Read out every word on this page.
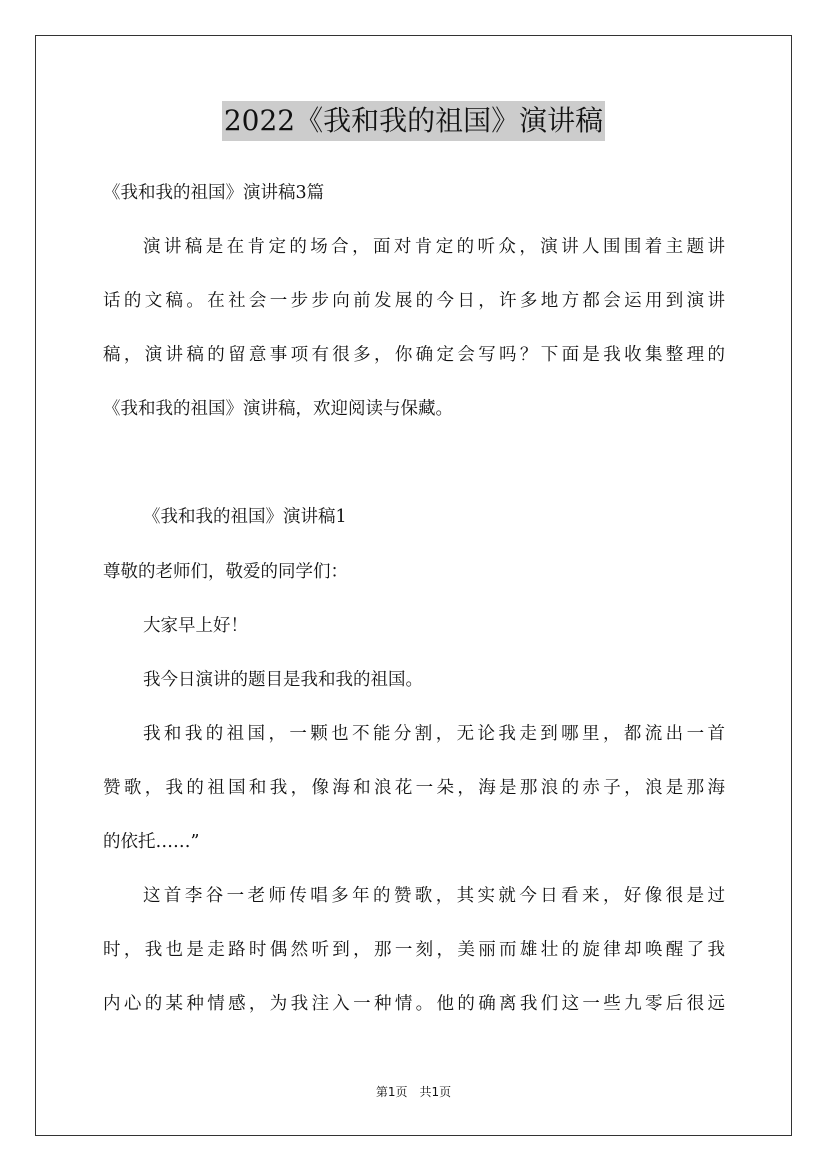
2022《我和我的祖国》演讲稿
《我和我的祖国》演讲稿3篇
演讲稿是在肯定的场合，面对肯定的听众，演讲人围围着主题讲
话的文稿。在社会一步步向前发展的今日，许多地方都会运用到演讲
稿，演讲稿的留意事项有很多，你确定会写吗？下面是我收集整理的
《我和我的祖国》演讲稿，欢迎阅读与保藏。
《我和我的祖国》演讲稿1
尊敬的老师们，敬爱的同学们：
大家早上好！
我今日演讲的题目是我和我的祖国。
我和我的祖国，一颗也不能分割，无论我走到哪里，都流出一首
赞歌，我的祖国和我，像海和浪花一朵，海是那浪的赤子，浪是那海
的依托……”
这首李谷一老师传唱多年的赞歌，其实就今日看来，好像很是过
时，我也是走路时偶然听到，那一刻，美丽而雄壮的旋律却唤醒了我
内心的某种情感，为我注入一种情。他的确离我们这一些九零后很远
第1页　共1页
